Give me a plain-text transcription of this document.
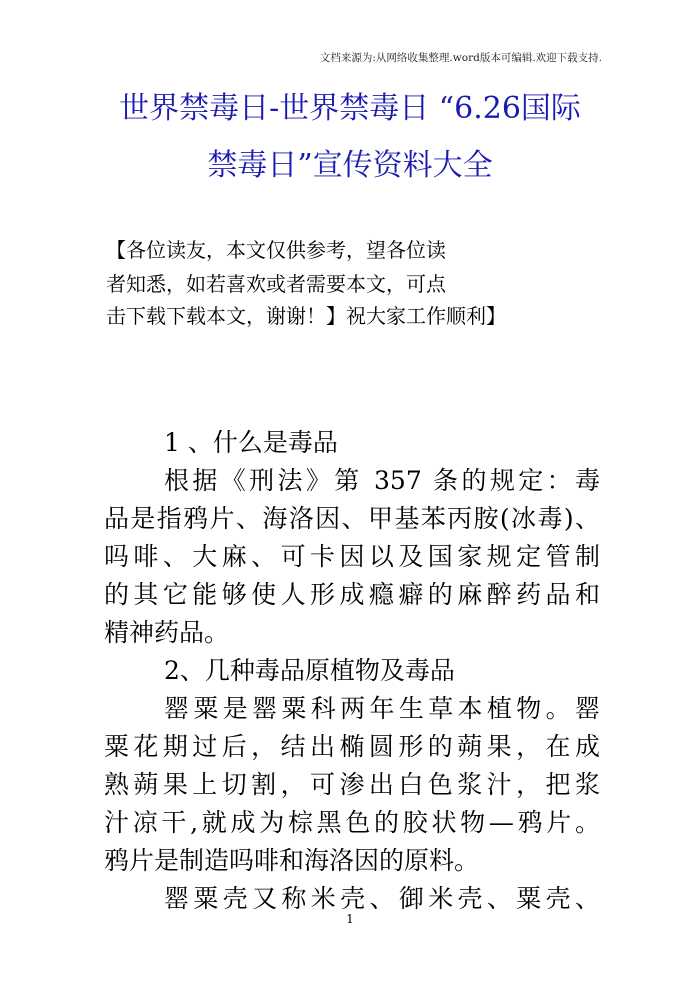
文档来源为:从网络收集整理.word版本可编辑.欢迎下载支持.
世界禁毒日-世界禁毒日 “6.26国际
禁毒日”宣传资料大全
【各位读友，本文仅供参考，望各位读
者知悉，如若喜欢或者需要本文，可点
击下载下载本文，谢谢！】祝大家工作顺利】
1 、什么是毒品
根据《刑法》第 357 条的规定：毒
品是指鸦片、海洛因、甲基苯丙胺(冰毒)、
吗啡、大麻、可卡因以及国家规定管制
的其它能够使人形成瘾癖的麻醉药品和
精神药品。
2、几种毒品原植物及毒品
罂粟是罂粟科两年生草本植物。罂
粟花期过后，结出椭圆形的蒴果，在成
熟蒴果上切割，可渗出白色浆汁，把浆
汁凉干,就成为棕黑色的胶状物—鸦片。
鸦片是制造吗啡和海洛因的原料。
罂粟壳又称米壳、御米壳、粟壳、
1
